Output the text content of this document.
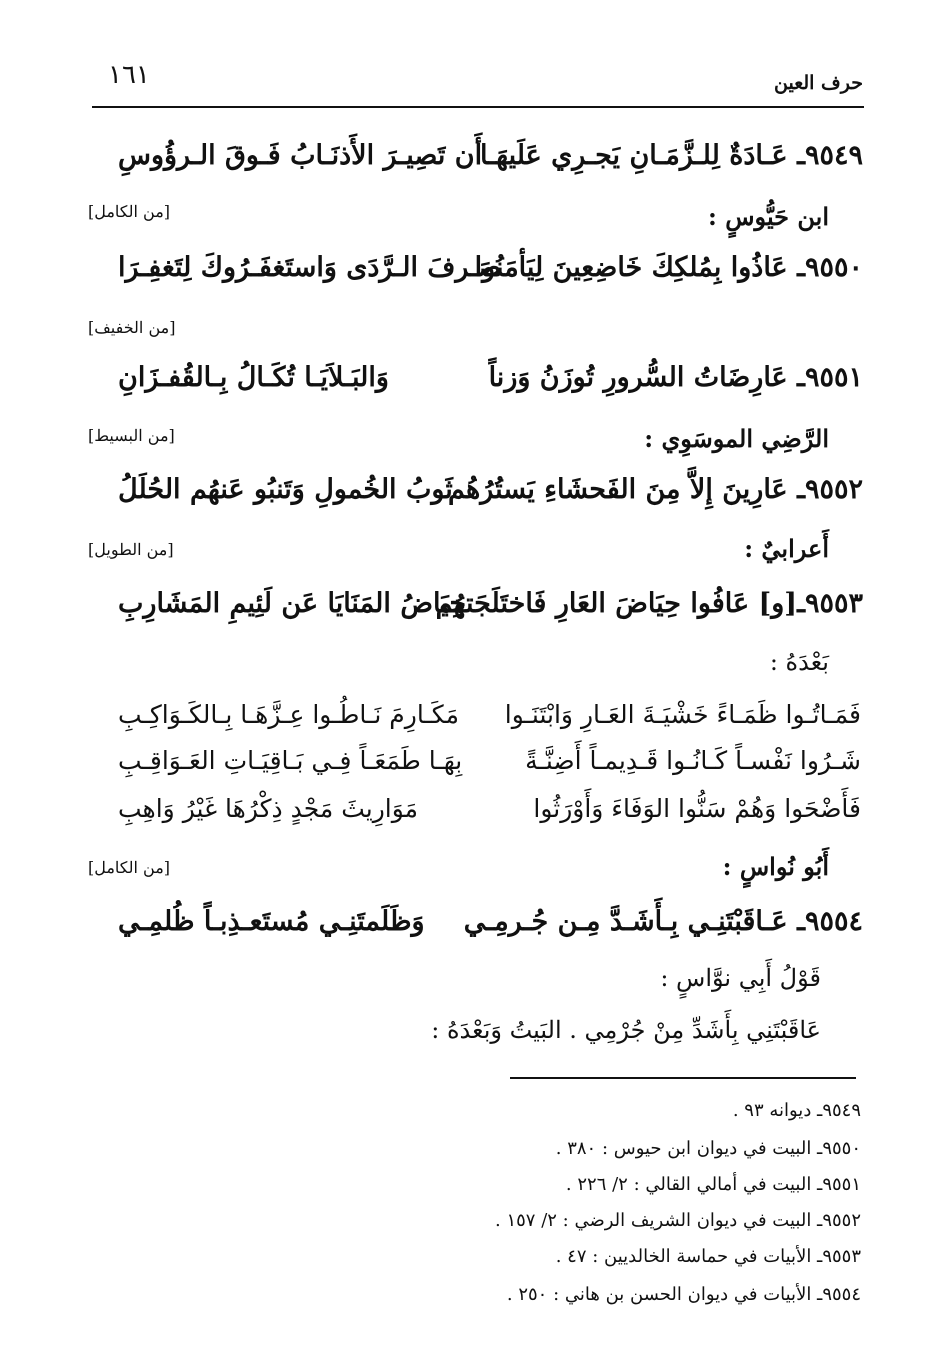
حرف العين
١٦١
٩٥٤٩ـ عَـادَةٌ لِلـزَّمَـانِ يَجـرِي عَلَيهَـا
أَن تَصِيـرَ الأَذنَـابُ فَـوقَ الـرؤُوسِ
ابن حَيُّوسٍ :
[من الكامل]
٩٥٥٠ـ عَاذُوا بِمُلكِكَ خَاضِعِينَ لِيَأمَنُوا
صَـرفَ الـرَّدَى وَاستَغفَـرُوكَ لِتَغفِـرَا
[من الخفيف]
٩٥٥١ـ عَارِضَاتُ السُّرورِ تُوزَنُ وَزناً
وَالبَـلاَيَـا تُكَـالُ بِـالقُفـزَانِ
الرَّضِي الموسَوِي :
[من البسيط]
٩٥٥٢ـ عَارِينَ إِلاَّ مِنَ الفَحشَاءِ يَستُرُهُم
ثَوبُ الخُمولِ وَتَنبُو عَنهُم الحُلَلُ
أَعرابيٌ :
[من الطويل]
٩٥٥٣ـ[و] عَافُوا حِيَاضَ العَارِ فَاختَلَجَتهُم
حِيَاضُ المَنَايَا عَن لَئِيمِ المَشَارِبِ
بَعْدَهُ :
فَمَـاتُـوا ظَمَـاءً خَشْيَـةَ العَـارِ وَابْتَنَـوا
مَكَـارِمَ نَـاطُـوا عِـزَّهَـا بِـالكَـوَاكِـبِ
شَـرُوا نَفْسـاً كَـانُـوا قَـدِيمـاً أَضِنَّـةً
بِهَـا طَمَعَـاً فِـي بَـاقِيَـاتِ العَـوَاقِـبِ
فَأَضْحَوا وَهُمْ سَنُّوا الوَفَاءَ وَأَوْرَثُوا
مَوَارِيثَ مَجْدٍ ذِكْرُهَا غَيْرُ وَاهِبِ
أَبُو نُواسٍ :
[من الكامل]
٩٥٥٤ـ عَـاقَبْتَنِـي بِـأَشَـدَّ مِـن جُـرمِـي
وَظَلَمتَنِـي مُستَعـذِبـاً ظُلمِـي
قَوْلُ أَبِي نوَّاسٍ :
عَاقَبْتَنِي بِأَشَدِّ مِنْ جُرْمِي . البَيتُ وَبَعْدَهُ :
٩٥٤٩ـ ديوانه ٩٣ .
٩٥٥٠ـ البيت في ديوان ابن حيوس : ٣٨٠ .
٩٥٥١ـ البيت في أمالي القالي : ٢/ ٢٢٦ .
٩٥٥٢ـ البيت في ديوان الشريف الرضي : ٢/ ١٥٧ .
٩٥٥٣ـ الأبيات في حماسة الخالديين : ٤٧ .
٩٥٥٤ـ الأبيات في ديوان الحسن بن هاني : ٢٥٠ .
